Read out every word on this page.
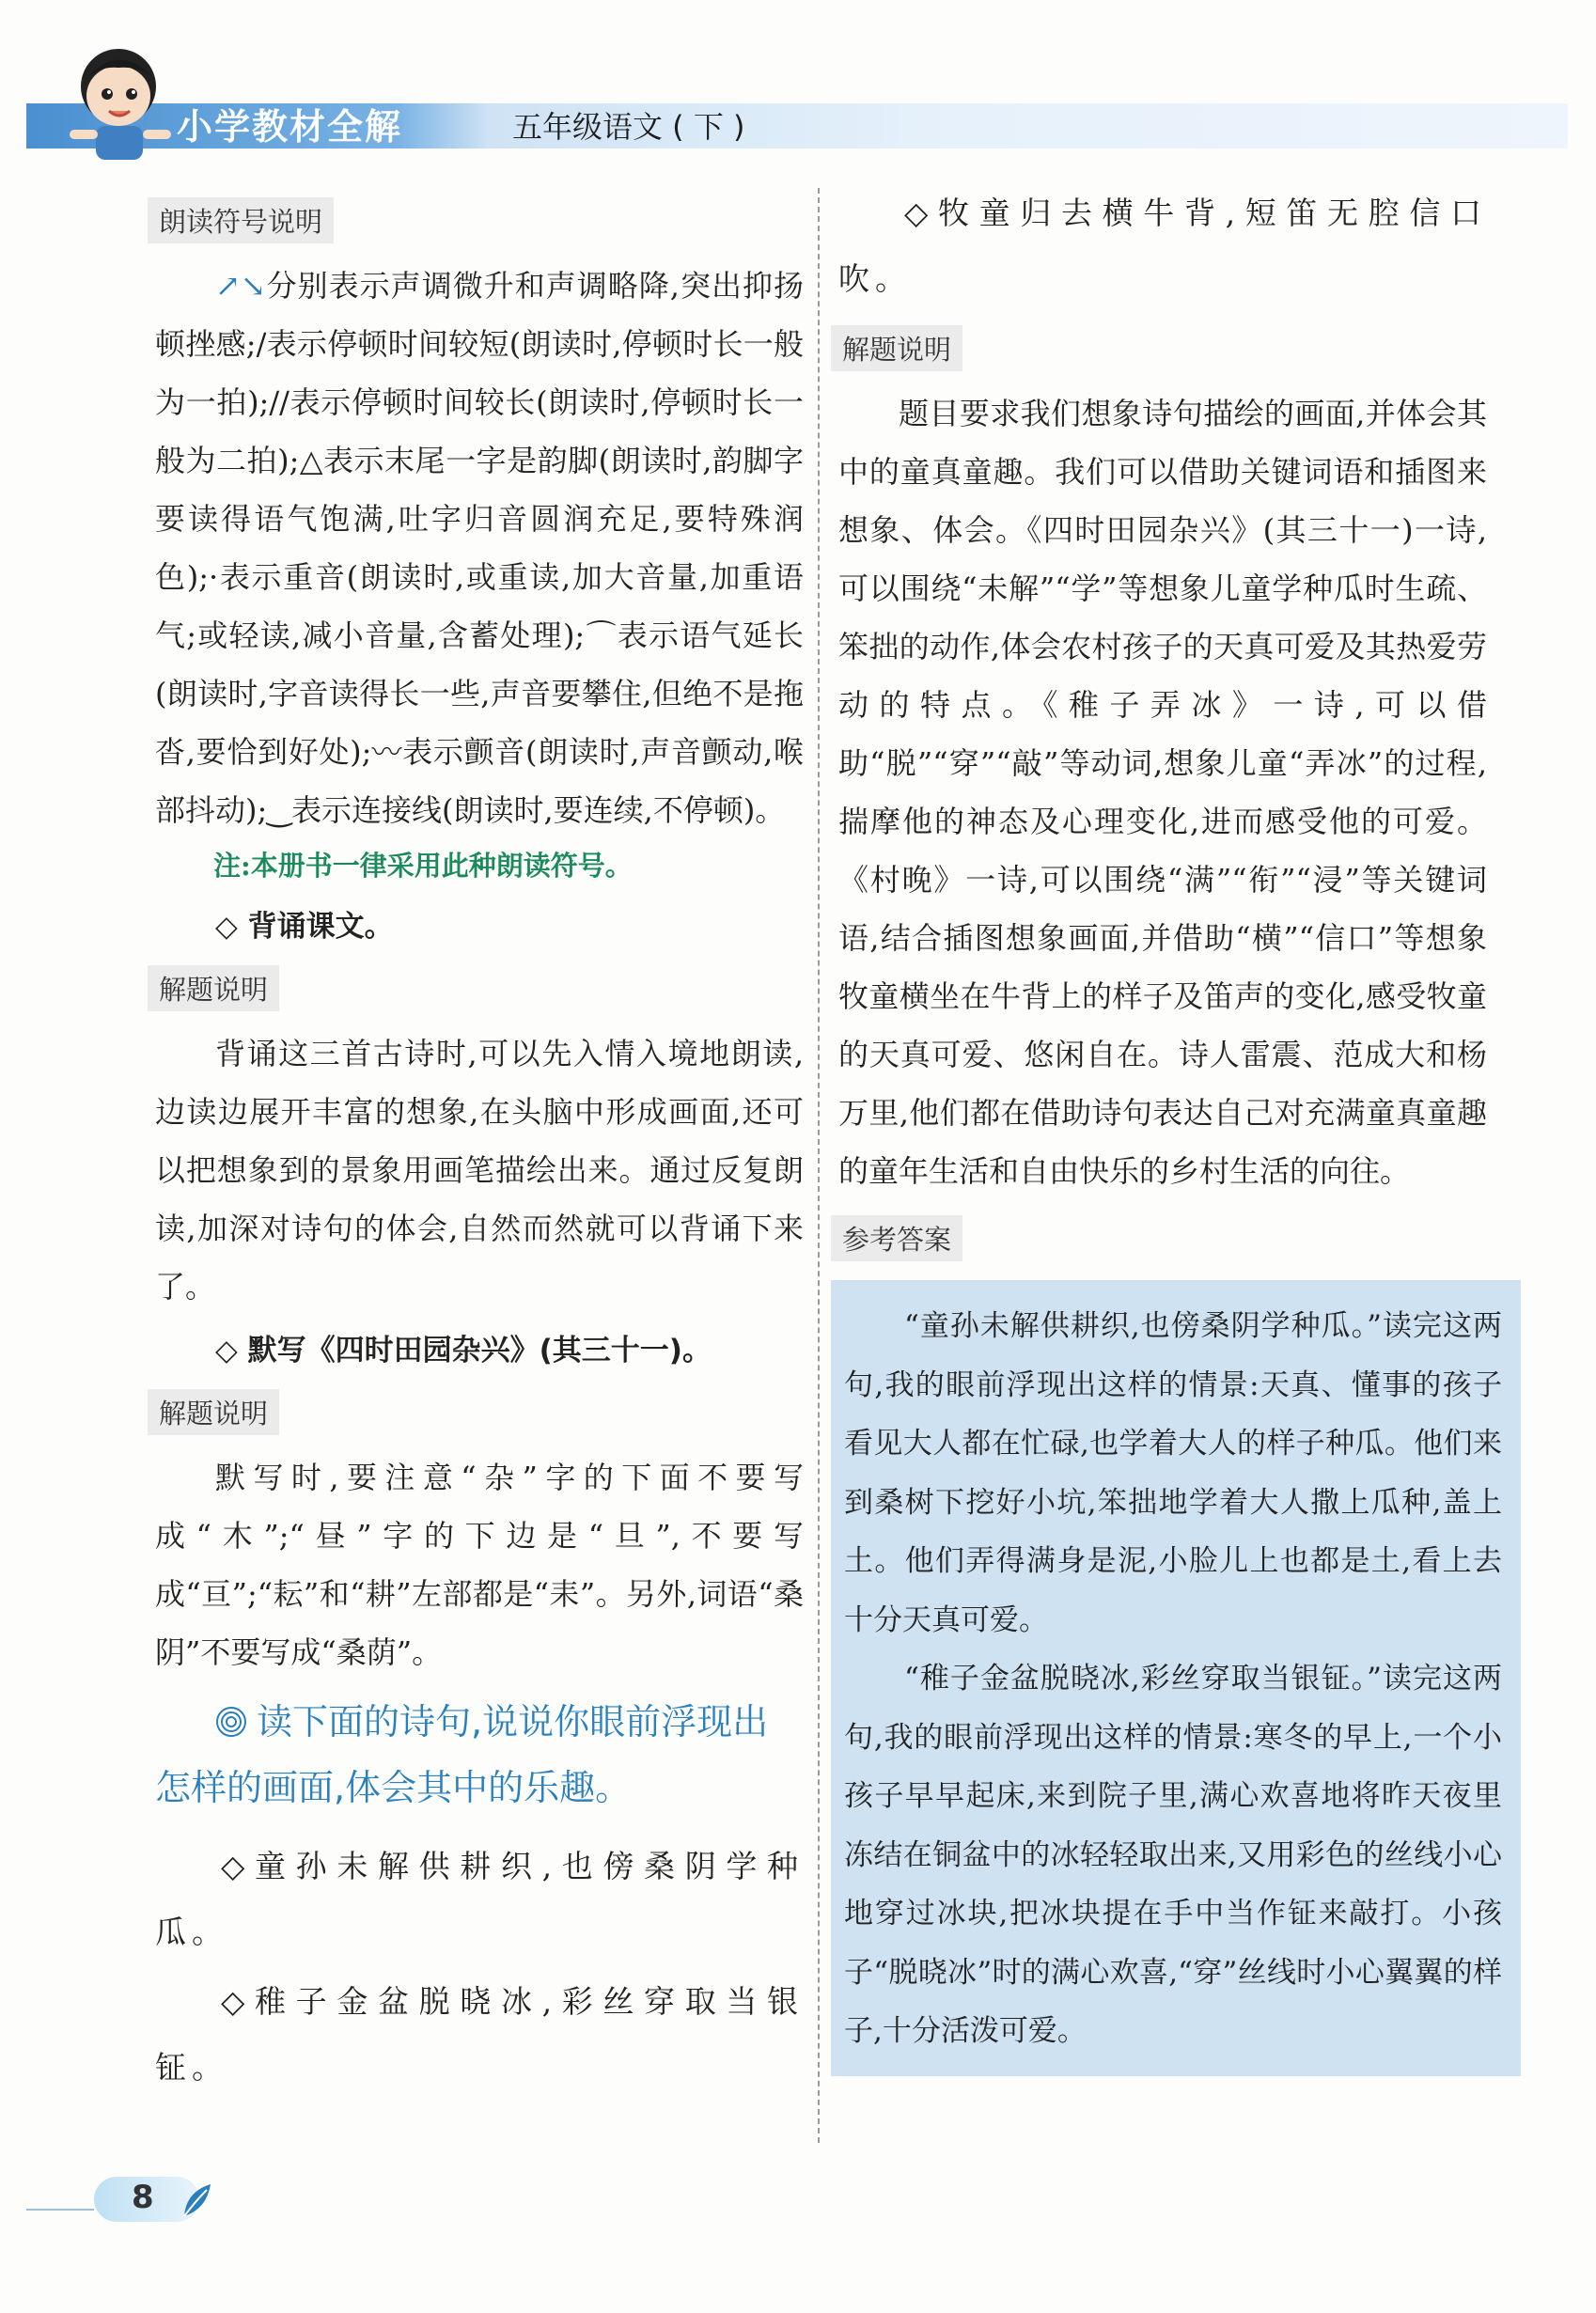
小学教材全解	五年级语文 ( 下 )
朗读符号说明

↗↘分别表示声调微升和声调略降,突出抑扬顿挫感;/表示停顿时间较短(朗读时,停顿时长一般为一拍);//表示停顿时间较长(朗读时,停顿时长一般为二拍);△表示末尾一字是韵脚(朗读时,韵脚字要读得语气饱满,吐字归音圆润充足,要特殊润色);·表示重音(朗读时,或重读,加大音量,加重语气;或轻读,减小音量,含蓄处理);⌒表示语气延长(朗读时,字音读得长一些,声音要攀住,但绝不是拖沓,要恰到好处);〰表示颤音(朗读时,声音颤动,喉部抖动);‿表示连接线(朗读时,要连续,不停顿)。

注:本册书一律采用此种朗读符号。
◇ 背诵课文。
解题说明

背诵这三首古诗时,可以先入情入境地朗读,边读边展开丰富的想象,在头脑中形成画面,还可以把想象到的景象用画笔描绘出来。通过反复朗读,加深对诗句的体会,自然而然就可以背诵下来了。

◇ 默写《四时田园杂兴》(其三十一)。
解题说明

默写时,要注意“杂”字的下面不要写成“木”;“昼”字的下边是“旦”,不要写成“亘”;“耘”和“耕”左部都是“耒”。另外,词语“桑阴”不要写成“桑荫”。

读下面的诗句,说说你眼前浮现出怎样的画面,体会其中的乐趣。

◇童孙未解供耕织,也傍桑阴学种瓜。

◇稚子金盆脱晓冰,彩丝穿取当银钲。

◇牧童归去横牛背,短笛无腔信口吹。

解题说明

题目要求我们想象诗句描绘的画面,并体会其中的童真童趣。我们可以借助关键词语和插图来想象、体会。《四时田园杂兴》(其三十一)一诗,可以围绕“未解”“学”等想象儿童学种瓜时生疏、笨拙的动作,体会农村孩子的天真可爱及其热爱劳动的特点。《稚子弄冰》一诗,可以借助“脱”“穿”“敲”等动词,想象儿童“弄冰”的过程,揣摩他的神态及心理变化,进而感受他的可爱。《村晚》一诗,可以围绕“满”“衔”“浸”等关键词语,结合插图想象画面,并借助“横”“信口”等想象牧童横坐在牛背上的样子及笛声的变化,感受牧童的天真可爱、悠闲自在。诗人雷震、范成大和杨万里,他们都在借助诗句表达自己对充满童真童趣的童年生活和自由快乐的乡村生活的向往。

参考答案

“童孙未解供耕织,也傍桑阴学种瓜。”读完这两句,我的眼前浮现出这样的情景:天真、懂事的孩子看见大人都在忙碌,也学着大人的样子种瓜。他们来到桑树下挖好小坑,笨拙地学着大人撒上瓜种,盖上土。他们弄得满身是泥,小脸儿上也都是土,看上去十分天真可爱。

“稚子金盆脱晓冰,彩丝穿取当银钲。”读完这两句,我的眼前浮现出这样的情景:寒冬的早上,一个小孩子早早起床,来到院子里,满心欢喜地将昨天夜里冻结在铜盆中的冰轻轻取出来,又用彩色的丝线小心地穿过冰块,把冰块提在手中当作钲来敲打。小孩子“脱晓冰”时的满心欢喜,“穿”丝线时小心翼翼的样子,十分活泼可爱。

8
